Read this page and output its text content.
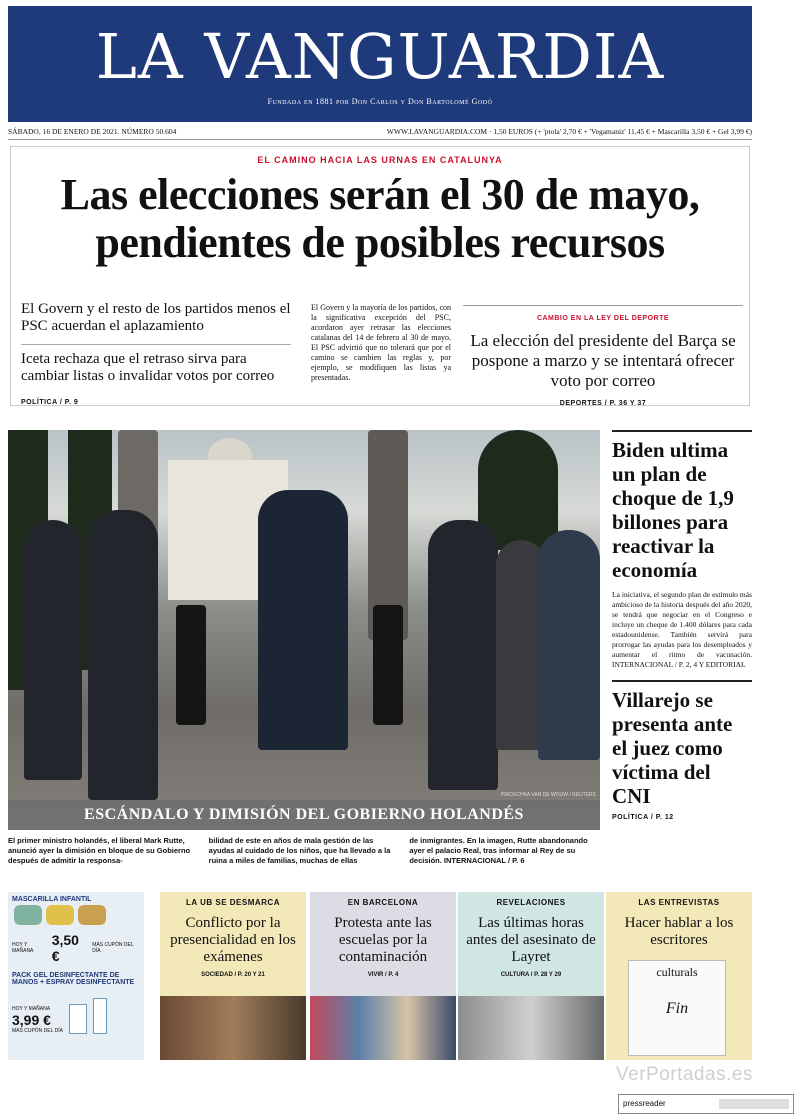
LA VANGUARDIA
Fundada en 1881 por Don Carlos y Don Bartolomé Godó
SÁBADO, 16 DE ENERO DE 2021. NÚMERO 50.604	WWW.LAVANGUARDIA.COM · 1,50 EUROS (+ 'ptola' 2,70 € + 'Vegamaniz' 11,45 € + Mascarilla 3,50 € + Gel 3,99 €)
EL CAMINO HACIA LAS URNAS EN CATALUNYA
Las elecciones serán el 30 de mayo,
pendientes de posibles recursos

El Govern y el resto de los partidos menos el PSC acuerdan el aplazamiento

Iceta rechaza que el retraso sirva para cambiar listas o invalidar votos por correo

POLÍTICA / P. 9
El Govern y la mayoría de los partidos, con la significativa excepción del PSC, acordaron ayer retrasar las elecciones catalanas del 14 de febrero al 30 de mayo. El PSC advirtió que no tolerará que por el camino se cambien las reglas y, por ejemplo, se modifiquen las listas ya presentadas.
CAMBIO EN LA LEY DEL DEPORTE
La elección del presidente del Barça se pospone a marzo y se intentará ofrecer voto por correo
DEPORTES / P. 36 Y 37
PIROSCHKA VAN DE WOUW / REUTERS
ESCÁNDALO Y DIMISIÓN DEL GOBIERNO HOLANDÉS
El primer ministro holandés, el liberal Mark Rutte, anunció ayer la dimisión en bloque de su Gobierno después de admitir la responsa-
bilidad de este en años de mala gestión de las ayudas al cuidado de los niños, que ha llevado a la ruina a miles de familias, muchas de ellas
de inmigrantes. En la imagen, Rutte abandonando ayer el palacio Real, tras informar al Rey de su decisión. INTERNACIONAL / P. 6
Biden ultima un plan de choque de 1,9 billones para reactivar la economía
La iniciativa, el segundo plan de estímulo más ambicioso de la historia después del año 2020, se tendrá que negociar en el Congreso e incluye un cheque de 1.400 dólares para cada estadounidense. También servirá para prorrogar las ayudas para los desempleados y aumentar el ritmo de vacunación. INTERNACIONAL / P. 2, 4 Y EDITORIAL
Villarejo se presenta ante el juez como víctima del CNI
POLÍTICA / P. 12
MASCARILLA INFANTIL
HOY Y MAÑANA
3,50 €
MÁS CUPÓN DEL DÍA
PACK GEL DESINFECTANTE DE MANOS + ESPRAY DESINFECTANTE
HOY Y MAÑANA
3,99 €
MÁS CUPÓN DEL DÍA
LA UB SE DESMARCA
Conflicto por la presencialidad en los exámenes
SOCIEDAD / P. 20 Y 21
EN BARCELONA
Protesta ante las escuelas por la contaminación
VIVIR / P. 4
REVELACIONES
Las últimas horas antes del asesinato de Layret
CULTURA / P. 28 Y 29
LAS ENTREVISTAS
Hacer hablar a los escritores
culturals
Fin
VerPortadas.es
pressreader
